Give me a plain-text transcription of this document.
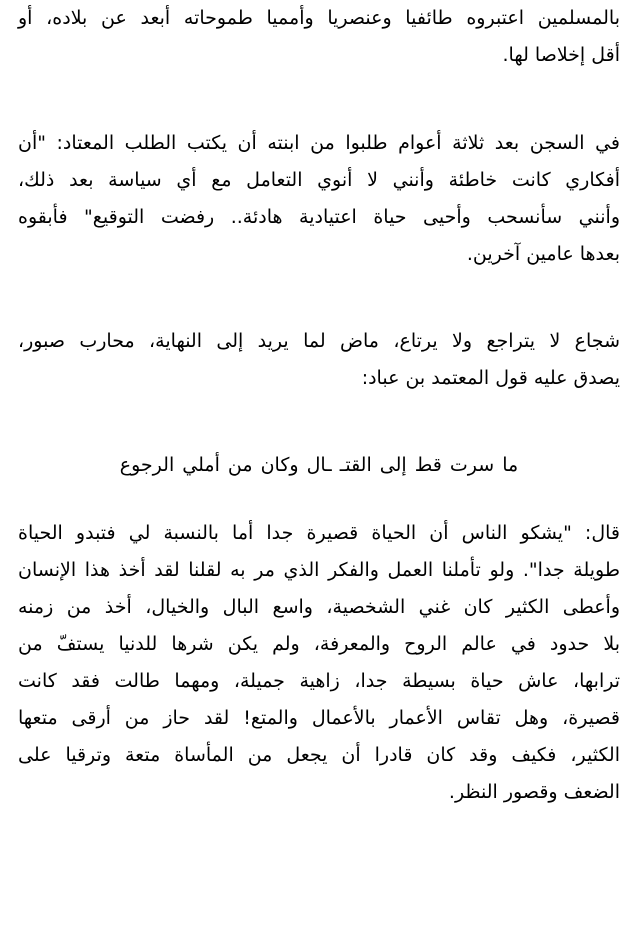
بالمسلمين اعتبروه طائفيا وعنصريا وأمميا طموحاته أبعد عن بلاده، أو
أقل إخلاصا لها.
في السجن بعد ثلاثة أعوام طلبوا من ابنته أن يكتب الطلب المعتاد: "أن
أفكاري كانت خاطئة وأنني لا أنوي التعامل مع أي سياسة بعد ذلك،
وأنني سأنسحب وأحيى حياة اعتيادية هادئة.. رفضت التوقيع" فأبقوه
بعدها عامين آخرين.
شجاع لا يتراجع ولا يرتاع، ماض لما يريد إلى النهاية، محارب صبور،
يصدق عليه قول المعتمد بن عباد:
ما سرت قط إلى القتـ ـال وكان من أملي الرجوع
قال: "يشكو الناس أن الحياة قصيرة جدا أما بالنسبة لي فتبدو الحياة
طويلة جدا". ولو تأملنا العمل والفكر الذي مر به لقلنا لقد أخذ هذا الإنسان
وأعطى الكثير كان غني الشخصية، واسع البال والخيال، أخذ من زمنه
بلا حدود في عالم الروح والمعرفة، ولم يكن شرها للدنيا يستفّ من
ترابها، عاش حياة بسيطة جدا، زاهية جميلة، ومهما طالت فقد كانت
قصيرة، وهل تقاس الأعمار بالأعمال والمتع! لقد حاز من أرقى متعها
الكثير، فكيف وقد كان قادرا أن يجعل من المأساة متعة وترقيا على
الضعف وقصور النظر.
